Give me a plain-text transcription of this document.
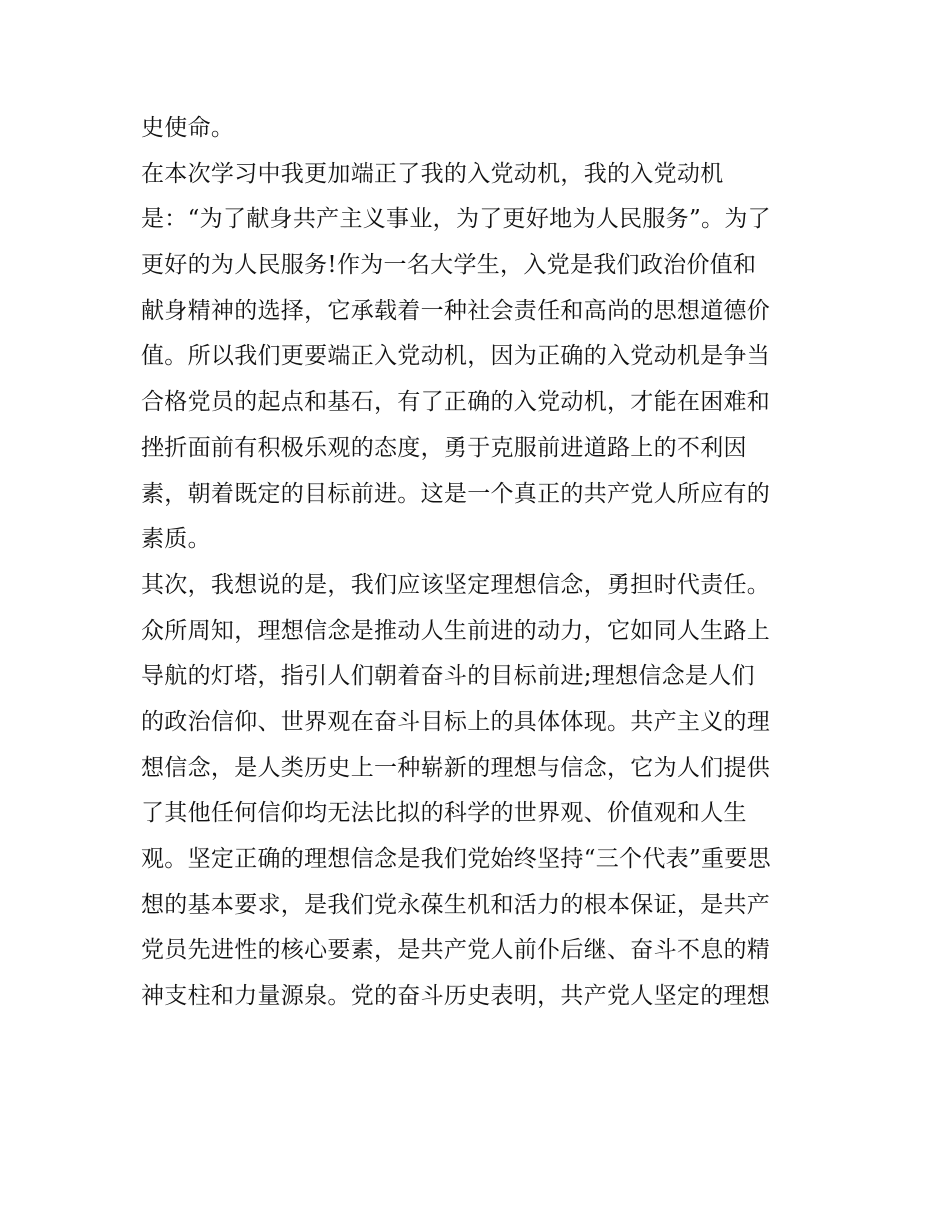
史使命。
在本次学习中我更加端正了我的入党动机，我的入党动机
是：“为了献身共产主义事业，为了更好地为人民服务”。为了
更好的为人民服务!作为一名大学生，入党是我们政治价值和
献身精神的选择，它承载着一种社会责任和高尚的思想道德价
值。所以我们更要端正入党动机，因为正确的入党动机是争当
合格党员的起点和基石，有了正确的入党动机，才能在困难和
挫折面前有积极乐观的态度，勇于克服前进道路上的不利因
素，朝着既定的目标前进。这是一个真正的共产党人所应有的
素质。
其次，我想说的是，我们应该坚定理想信念，勇担时代责任。
众所周知，理想信念是推动人生前进的动力，它如同人生路上
导航的灯塔，指引人们朝着奋斗的目标前进;理想信念是人们
的政治信仰、世界观在奋斗目标上的具体体现。共产主义的理
想信念，是人类历史上一种崭新的理想与信念，它为人们提供
了其他任何信仰均无法比拟的科学的世界观、价值观和人生
观。坚定正确的理想信念是我们党始终坚持“三个代表”重要思
想的基本要求，是我们党永葆生机和活力的根本保证，是共产
党员先进性的核心要素，是共产党人前仆后继、奋斗不息的精
神支柱和力量源泉。党的奋斗历史表明，共产党人坚定的理想
